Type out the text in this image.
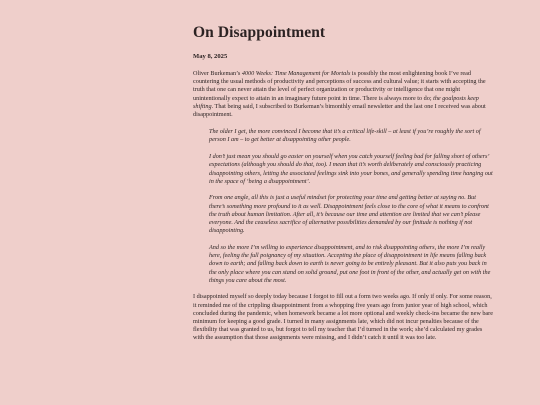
On Disappointment
May 8, 2025

Oliver Burkeman’s 4000 Weeks: Time Management for Mortals is possibly the most enlightening book I’ve read countering the usual methods of productivity and perceptions of success and cultural value; it starts with accepting the truth that one can never attain the level of perfect organization or productivity or intelligence that one might unintentionally expect to attain in an imaginary future point in time. There is always more to do; the goalposts keep shifting. That being said, I subscribed to Burkeman’s bimonthly email newsletter and the last one I received was about disappointment.

The older I get, the more convinced I become that it’s a critical life-skill – at least if you’re roughly the sort of person I am – to get better at disappointing other people.

I don’t just mean you should go easier on yourself when you catch yourself feeling bad for falling short of others’ expectations (although you should do that, too). I mean that it’s worth deliberately and consciously practicing disappointing others, letting the associated feelings sink into your bones, and generally spending time hanging out in the space of ‘being a disappointment’.

From one angle, all this is just a useful mindset for protecting your time and getting better at saying no. But there’s something more profound to it as well. Disappointment feels close to the core of what it means to confront the truth about human limitation. After all, it’s because our time and attention are limited that we can’t please everyone. And the ceaseless sacrifice of alternative possibilities demanded by our finitude is nothing if not disappointing.

And so the more I’m willing to experience disappointment, and to risk disappointing others, the more I’m really here, feeling the full poignancy of my situation. Accepting the place of disappointment in life means falling back down to earth; and falling back down to earth is never going to be entirely pleasant. But it also puts you back in the only place where you can stand on solid ground, put one foot in front of the other, and actually get on with the things you care about the most.

I disappointed myself so deeply today because I forgot to fill out a form two weeks ago. If only if only. For some reason, it reminded me of the crippling disappointment from a whopping five years ago from junior year of high school, which concluded during the pandemic, when homework became a lot more optional and weekly check-ins became the new bare minimum for keeping a good grade. I turned in many assignments late, which did not incur penalties because of the flexibility that was granted to us, but forgot to tell my teacher that I’d turned in the work; she’d calculated my grades with the assumption that those assignments were missing, and I didn’t catch it until it was too late.
